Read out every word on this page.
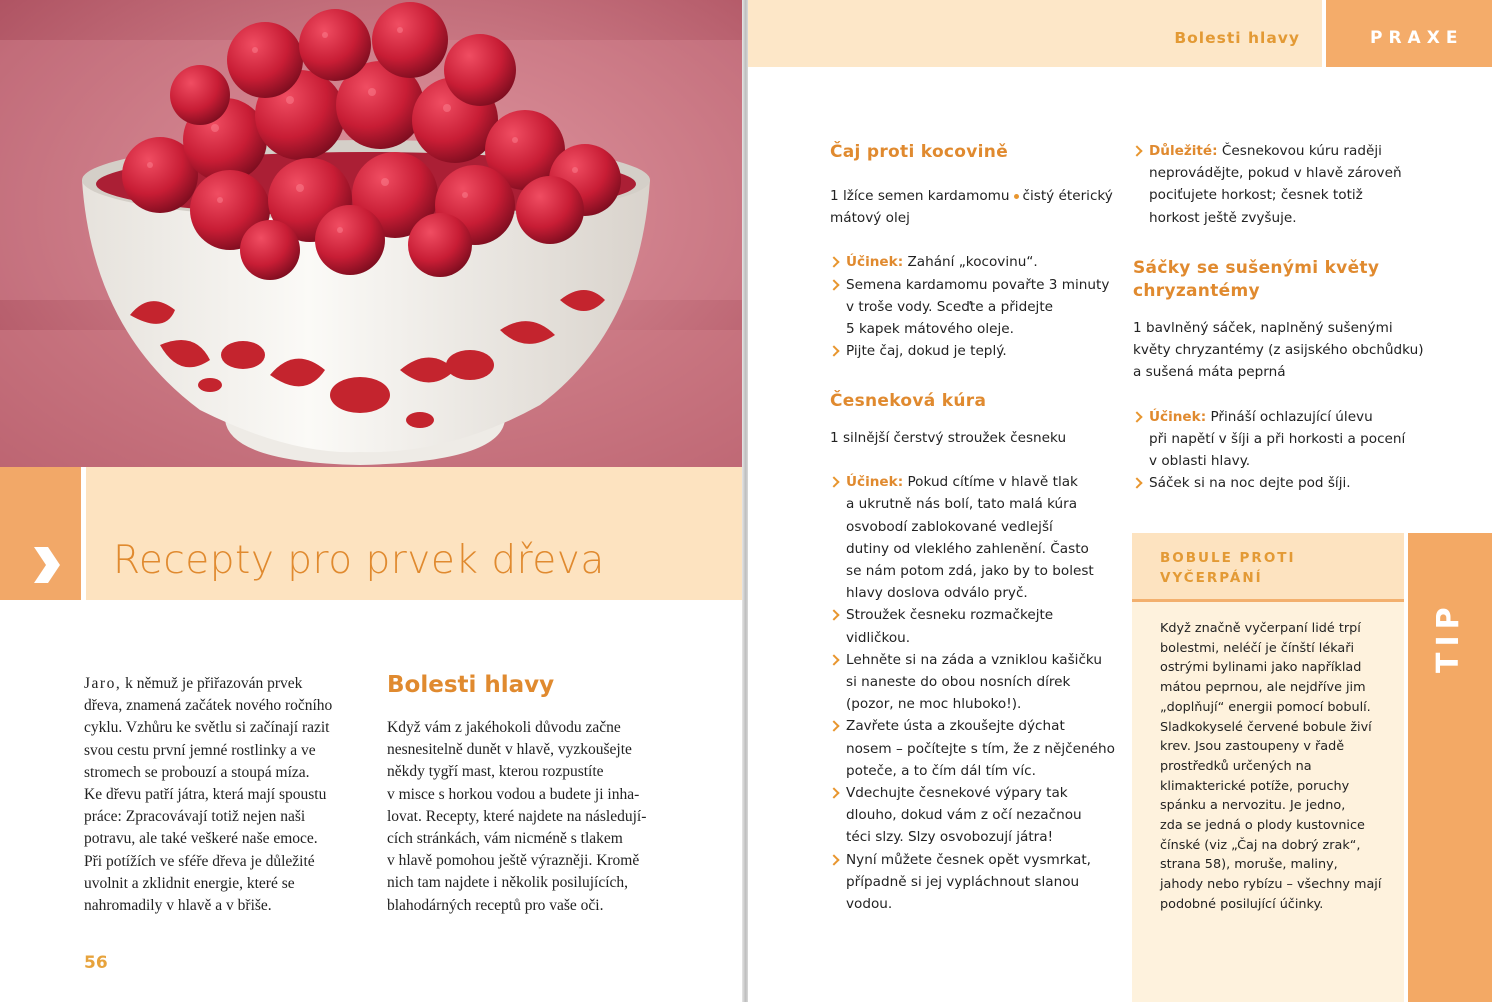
Recepty pro prvek dřeva

Jaro, k němuž je přiřazován prvek

dřeva, znamená začátek nového ročního

cyklu. Vzhůru ke světlu si začínají razit

svou cestu první jemné rostlinky a ve

stromech se probouzí a stoupá míza.

Ke dřevu patří játra, která mají spoustu

práce: Zpracovávají totiž nejen naši

potravu, ale také veškeré naše emoce.

Při potížích ve sféře dřeva je důležité

uvolnit a zklidnit energie, které se

nahromadily v hlavě a v břiše.

Bolesti hlavy

Když vám z jakéhokoli důvodu začne

nesnesitelně dunět v hlavě, vyzkoušejte

někdy tygří mast, kterou rozpustíte

v misce s horkou vodou a budete ji inha-

lovat. Recepty, které najdete na následují-

cích stránkách, vám nicméně s tlakem

v hlavě pomohou ještě výrazněji. Kromě

nich tam najdete i několik posilujících,

blahodárných receptů pro vaše oči.

56
Bolesti hlavy	PRAXE
Čaj proti kocovině
1 lžíce semen kardamomu čistý éterický
mátový olej
Účinek: Zahání „kocovinu“.
Semena kardamomu povařte 3 minuty
v troše vody. Sceďte a přidejte
5 kapek mátového oleje.
Pijte čaj, dokud je teplý.
Česneková kúra
1 silnější čerstvý stroužek česneku
Účinek: Pokud cítíme v hlavě tlak
a ukrutně nás bolí, tato malá kúra
osvobodí zablokované vedlejší
dutiny od vleklého zahlenění. Často
se nám potom zdá, jako by to bolest
hlavy doslova odválo pryč.
Stroužek česneku rozmačkejte
vidličkou.
Lehněte si na záda a vzniklou kašičku
si naneste do obou nosních dírek
(pozor, ne moc hluboko!).
Zavřete ústa a zkoušejte dýchat
nosem – počítejte s tím, že z nějčeného
poteče, a to čím dál tím víc.
Vdechujte česnekové výpary tak
dlouho, dokud vám z očí nezačnou
téci slzy. Slzy osvobozují játra!
Nyní můžete česnek opět vysmrkat,
případně si jej vypláchnout slanou
vodou.
Důležité: Česnekovou kúru raději
neprovádějte, pokud v hlavě zároveň
pociťujete horkost; česnek totiž
horkost ještě zvyšuje.
Sáčky se sušenými květy
chryzantémy
1 bavlněný sáček, naplněný sušenými
květy chryzantémy (z asijského obchůdku)
a sušená máta peprná
Účinek: Přináší ochlazující úlevu
při napětí v šíji a při horkosti a pocení
v oblasti hlavy.
Sáček si na noc dejte pod šíji.
BOBULE PROTI
VYČERPÁNÍ
TIP

Když značně vyčerpaní lidé trpí

bolestmi, neléčí je čínští lékaři

ostrými bylinami jako například

mátou peprnou, ale nejdříve jim

„doplňují“ energii pomocí bobulí.

Sladkokyselé červené bobule živí

krev. Jsou zastoupeny v řadě

prostředků určených na

klimakterické potíže, poruchy

spánku a nervozitu. Je jedno,

zda se jedná o plody kustovnice

čínské (viz „Čaj na dobrý zrak“,

strana 58), moruše, maliny,

jahody nebo rybízu – všechny mají

podobné posilující účinky.
